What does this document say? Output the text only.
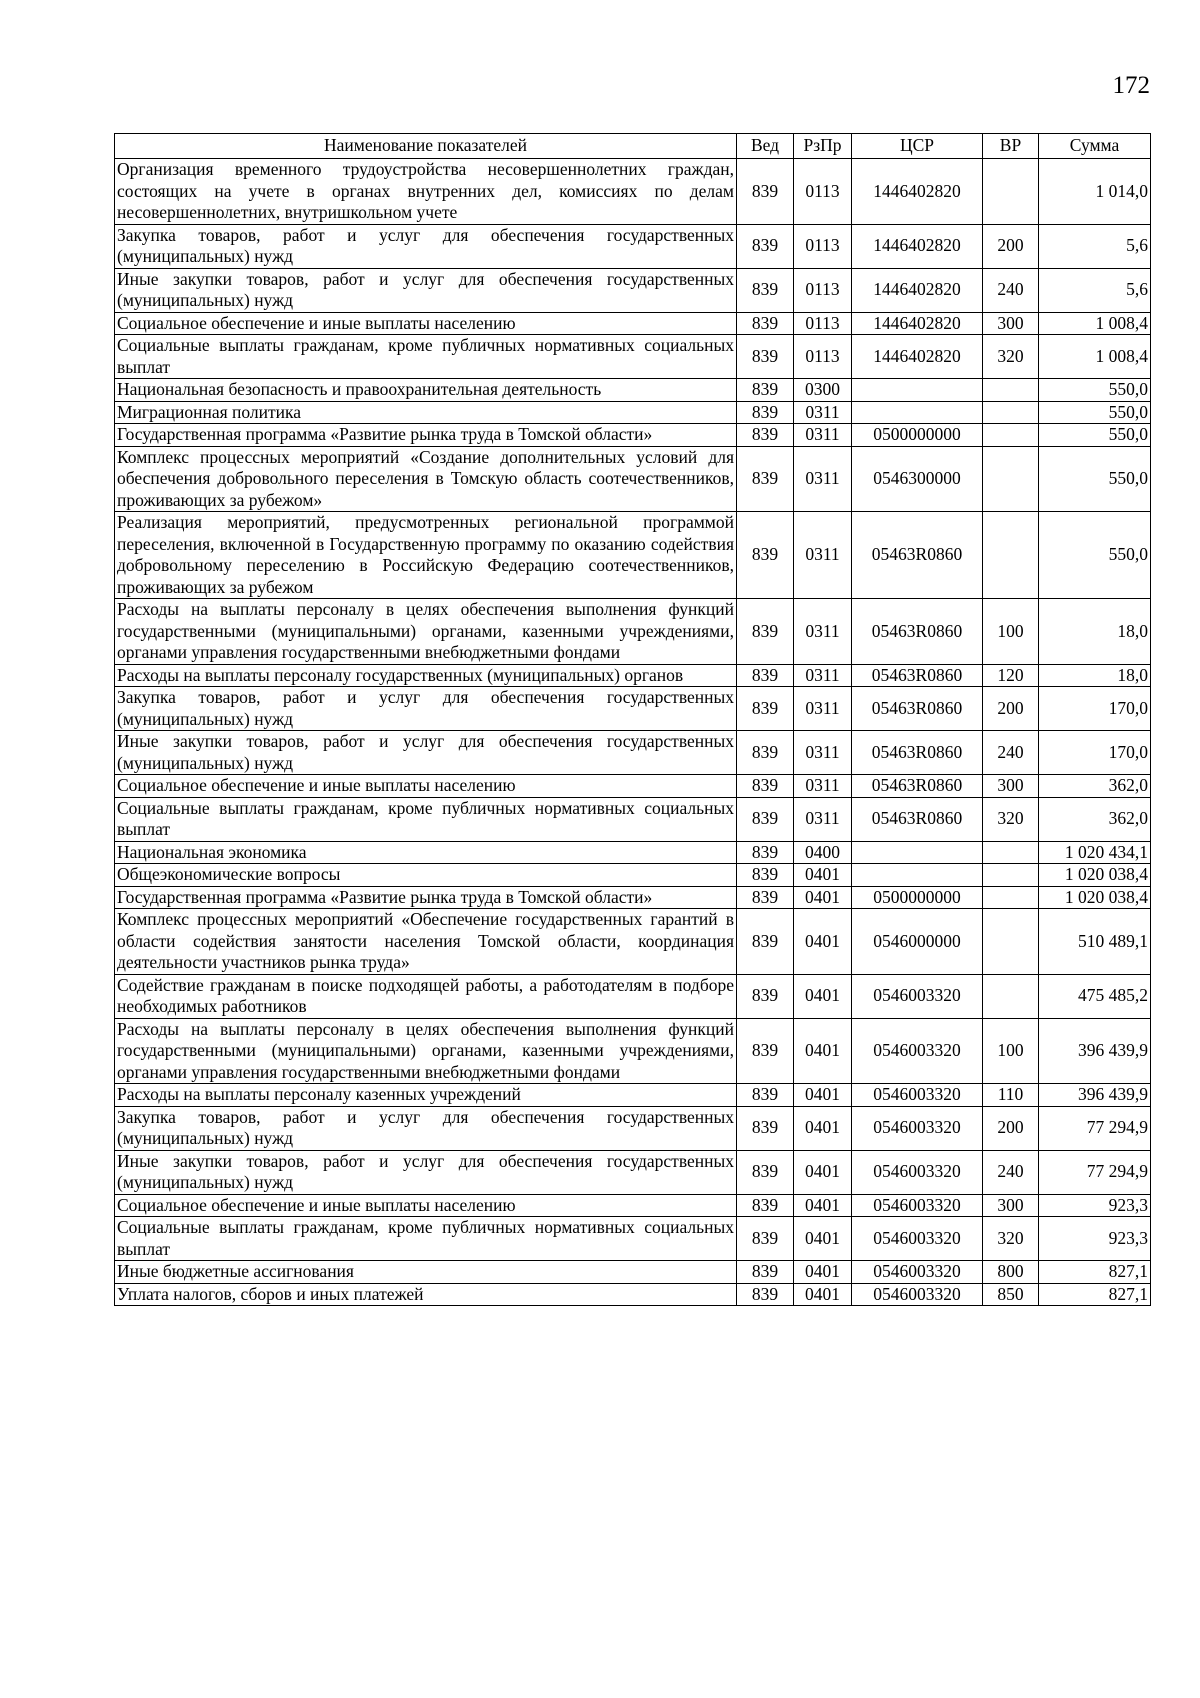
172
Наименование показателей	Вед	РзПр	ЦСР	ВР	Сумма
Организация временного трудоустройства несовершеннолетних граждан, состоящих на учете в органах внутренних дел, комиссиях по делам несовершеннолетних, внутришкольном учете	839	0113	1446402820		1 014,0
Закупка товаров, работ и услуг для обеспечения государственных (муниципальных) нужд	839	0113	1446402820	200	5,6
Иные закупки товаров, работ и услуг для обеспечения государственных (муниципальных) нужд	839	0113	1446402820	240	5,6
Социальное обеспечение и иные выплаты населению	839	0113	1446402820	300	1 008,4
Социальные выплаты гражданам, кроме публичных нормативных социальных выплат	839	0113	1446402820	320	1 008,4
Национальная безопасность и правоохранительная деятельность	839	0300			550,0
Миграционная политика	839	0311			550,0
Государственная программа «Развитие рынка труда в Томской области»	839	0311	0500000000		550,0
Комплекс процессных мероприятий «Создание дополнительных условий для обеспечения добровольного переселения в Томскую область соотечественников, проживающих за рубежом»	839	0311	0546300000		550,0
Реализация мероприятий, предусмотренных региональной программой переселения, включенной в Государственную программу по оказанию содействия добровольному переселению в Российскую Федерацию соотечественников, проживающих за рубежом	839	0311	05463R0860		550,0
Расходы на выплаты персоналу в целях обеспечения выполнения функций государственными (муниципальными) органами, казенными учреждениями, органами управления государственными внебюджетными фондами	839	0311	05463R0860	100	18,0
Расходы на выплаты персоналу государственных (муниципальных) органов	839	0311	05463R0860	120	18,0
Закупка товаров, работ и услуг для обеспечения государственных (муниципальных) нужд	839	0311	05463R0860	200	170,0
Иные закупки товаров, работ и услуг для обеспечения государственных (муниципальных) нужд	839	0311	05463R0860	240	170,0
Социальное обеспечение и иные выплаты населению	839	0311	05463R0860	300	362,0
Социальные выплаты гражданам, кроме публичных нормативных социальных выплат	839	0311	05463R0860	320	362,0
Национальная экономика	839	0400			1 020 434,1
Общеэкономические вопросы	839	0401			1 020 038,4
Государственная программа «Развитие рынка труда в Томской области»	839	0401	0500000000		1 020 038,4
Комплекс процессных мероприятий «Обеспечение государственных гарантий в области содействия занятости населения Томской области, координация деятельности участников рынка труда»	839	0401	0546000000		510 489,1
Содействие гражданам в поиске подходящей работы, а работодателям в подборе необходимых работников	839	0401	0546003320		475 485,2
Расходы на выплаты персоналу в целях обеспечения выполнения функций государственными (муниципальными) органами, казенными учреждениями, органами управления государственными внебюджетными фондами	839	0401	0546003320	100	396 439,9
Расходы на выплаты персоналу казенных учреждений	839	0401	0546003320	110	396 439,9
Закупка товаров, работ и услуг для обеспечения государственных (муниципальных) нужд	839	0401	0546003320	200	77 294,9
Иные закупки товаров, работ и услуг для обеспечения государственных (муниципальных) нужд	839	0401	0546003320	240	77 294,9
Социальное обеспечение и иные выплаты населению	839	0401	0546003320	300	923,3
Социальные выплаты гражданам, кроме публичных нормативных социальных выплат	839	0401	0546003320	320	923,3
Иные бюджетные ассигнования	839	0401	0546003320	800	827,1
Уплата налогов, сборов и иных платежей	839	0401	0546003320	850	827,1
